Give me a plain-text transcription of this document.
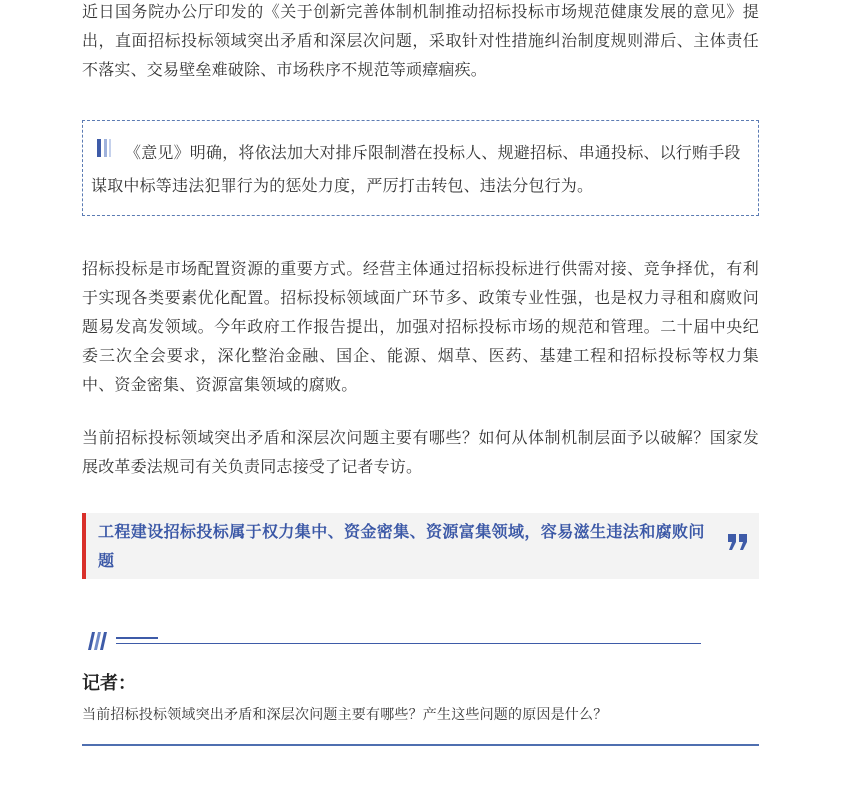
近日国务院办公厅印发的《关于创新完善体制机制推动招标投标市场规范健康发展的意见》提出，直面招标投标领域突出矛盾和深层次问题，采取针对性措施纠治制度规则滞后、主体责任不落实、交易壁垒难破除、市场秩序不规范等顽瘴痼疾。

《意见》明确，将依法加大对排斥限制潜在投标人、规避招标、串通投标、以行贿手段谋取中标等违法犯罪行为的惩处力度，严厉打击转包、违法分包行为。

招标投标是市场配置资源的重要方式。经营主体通过招标投标进行供需对接、竞争择优，有利于实现各类要素优化配置。招标投标领域面广环节多、政策专业性强，也是权力寻租和腐败问题易发高发领域。今年政府工作报告提出，加强对招标投标市场的规范和管理。二十届中央纪委三次全会要求，深化整治金融、国企、能源、烟草、医药、基建工程和招标投标等权力集中、资金密集、资源富集领域的腐败。

当前招标投标领域突出矛盾和深层次问题主要有哪些？如何从体制机制层面予以破解？国家发展改革委法规司有关负责同志接受了记者专访。

工程建设招标投标属于权力集中、资金密集、资源富集领域，容易滋生违法和腐败问题

记者：

当前招标投标领域突出矛盾和深层次问题主要有哪些？产生这些问题的原因是什么？
